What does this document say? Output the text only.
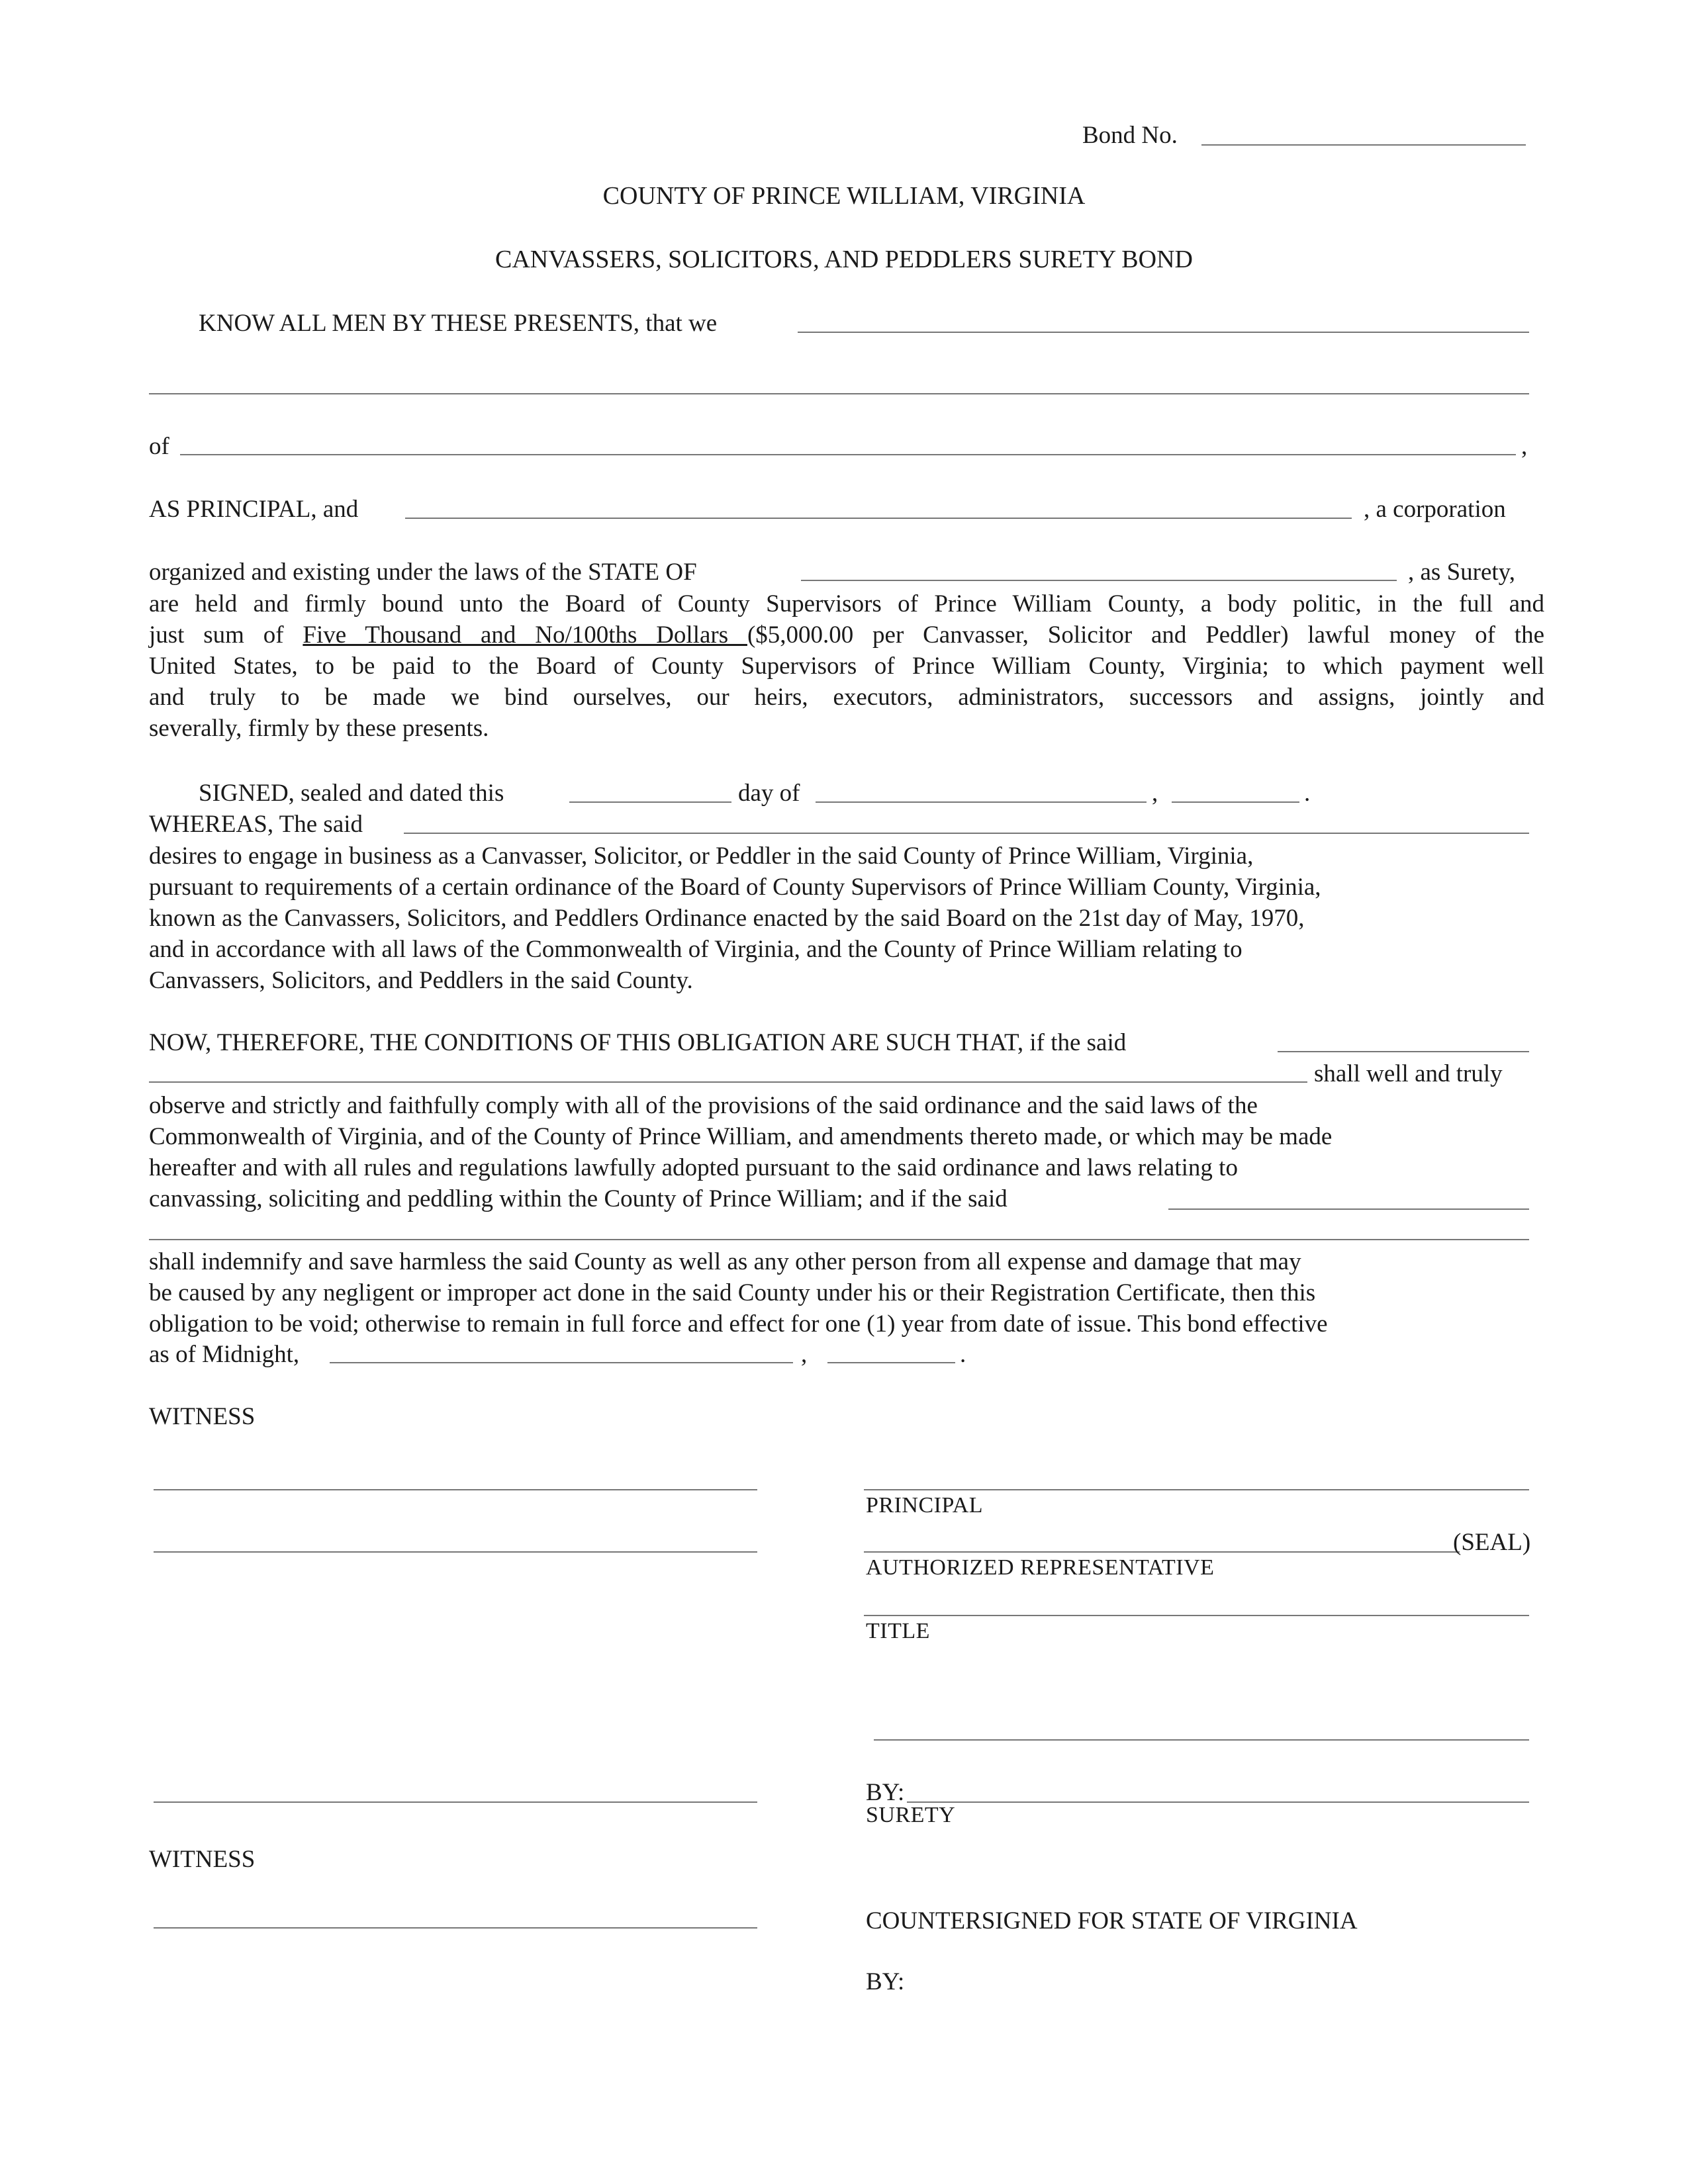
Bond No.
COUNTY OF PRINCE WILLIAM, VIRGINIA
CANVASSERS, SOLICITORS, AND PEDDLERS SURETY BOND
KNOW ALL MEN BY THESE PRESENTS, that we
of	,
AS PRINCIPAL, and	, a corporation
organized and existing under the laws of the STATE OF	, as Surety,
are held and firmly bound unto the Board of County Supervisors of Prince William County, a body politic, in the full and
just sum of Five Thousand and No/100ths Dollars ($5,000.00 per Canvasser, Solicitor and Peddler) lawful money of the
United States, to be paid to the Board of County Supervisors of Prince William County, Virginia; to which payment well
and truly to be made we bind ourselves, our heirs, executors, administrators, successors and assigns, jointly and
severally, firmly by these presents.
SIGNED, sealed and dated this	day of	,	.
WHEREAS, The said
desires to engage in business as a Canvasser, Solicitor, or Peddler in the said County of Prince William, Virginia,
pursuant to requirements of a certain ordinance of the Board of County Supervisors of Prince William County, Virginia,
known as the Canvassers, Solicitors, and Peddlers Ordinance enacted by the said Board on the 21st day of May, 1970,
and in accordance with all laws of the Commonwealth of Virginia, and the County of Prince William relating to
Canvassers, Solicitors, and Peddlers in the said County.
NOW, THEREFORE, THE CONDITIONS OF THIS OBLIGATION ARE SUCH THAT, if the said
shall well and truly
observe and strictly and faithfully comply with all of the provisions of the said ordinance and the said laws of the
Commonwealth of Virginia, and of the County of Prince William, and amendments thereto made, or which may be made
hereafter and with all rules and regulations lawfully adopted pursuant to the said ordinance and laws relating to
canvassing, soliciting and peddling within the County of Prince William; and if the said
shall indemnify and save harmless the said County as well as any other person from all expense and damage that may
be caused by any negligent or improper act done in the said County under his or their Registration Certificate, then this
obligation to be void; otherwise to remain in full force and effect for one (1) year from date of issue. This bond effective
as of Midnight,	,	.
WITNESS
PRINCIPAL
(SEAL)
AUTHORIZED REPRESENTATIVE
TITLE
BY:
SURETY
WITNESS
COUNTERSIGNED FOR STATE OF VIRGINIA
BY:
